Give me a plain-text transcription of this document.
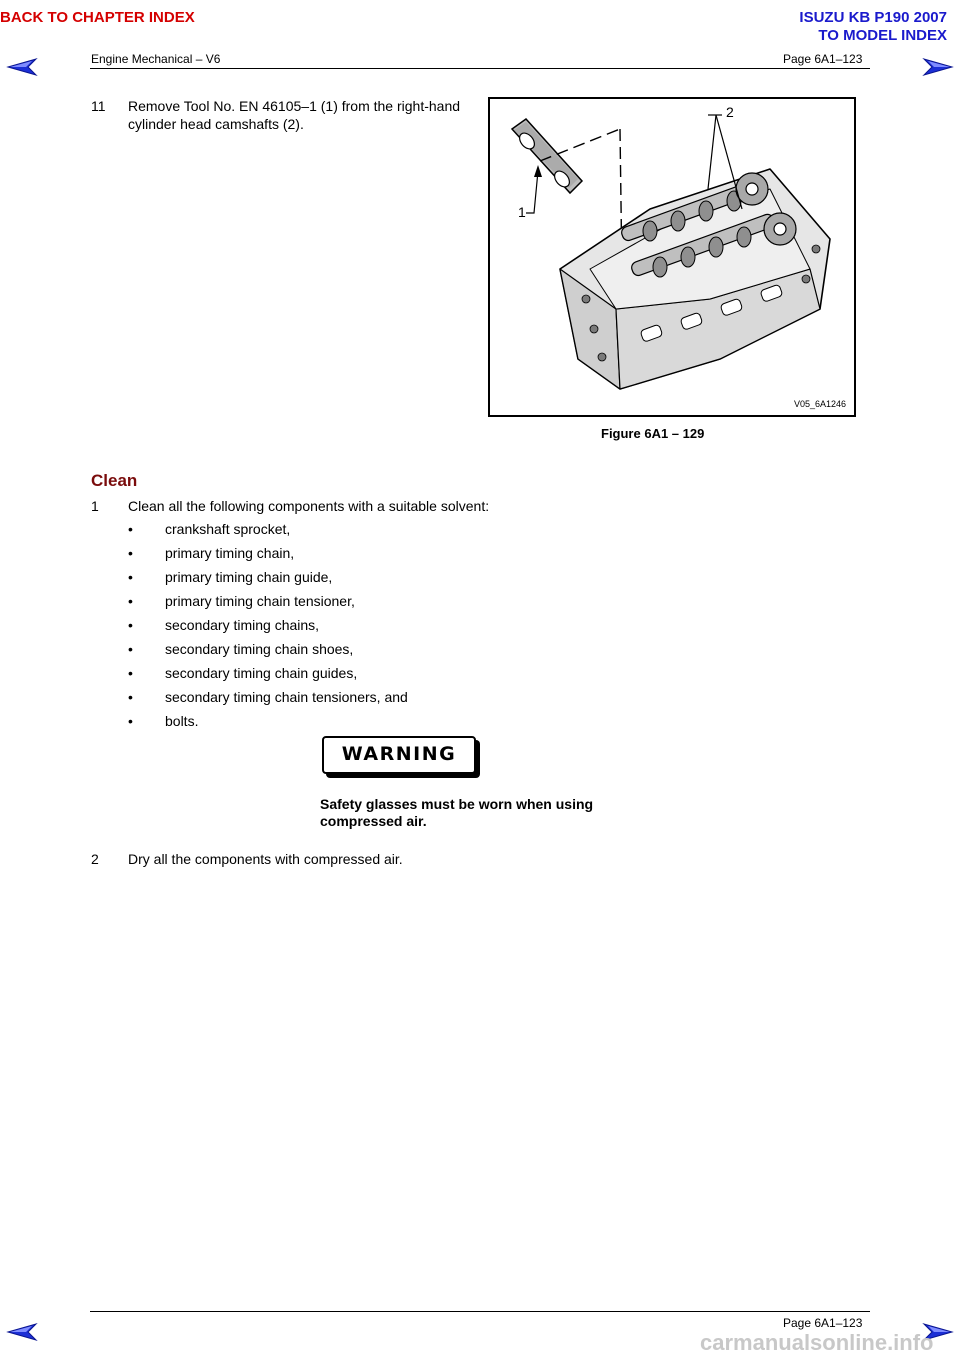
BACK TO CHAPTER INDEX	ISUZU KB P190 2007
TO MODEL INDEX
Engine Mechanical – V6	Page 6A1–123
11 Remove Tool No. EN 46105–1 (1) from the right-hand
cylinder head camshafts (2).
1
2
V05_6A1246
Figure 6A1 – 129
Clean
1 Clean all the following components with a suitable solvent:
• crankshaft sprocket,
• primary timing chain,
• primary timing chain guide,
• primary timing chain tensioner,
• secondary timing chains,
• secondary timing chain shoes,
• secondary timing chain guides,
• secondary timing chain tensioners, and
• bolts.
WARNING
Safety glasses must be worn when using
compressed air.
2 Dry all the components with compressed air.
Page 6A1–123
carmanualsonline.info
